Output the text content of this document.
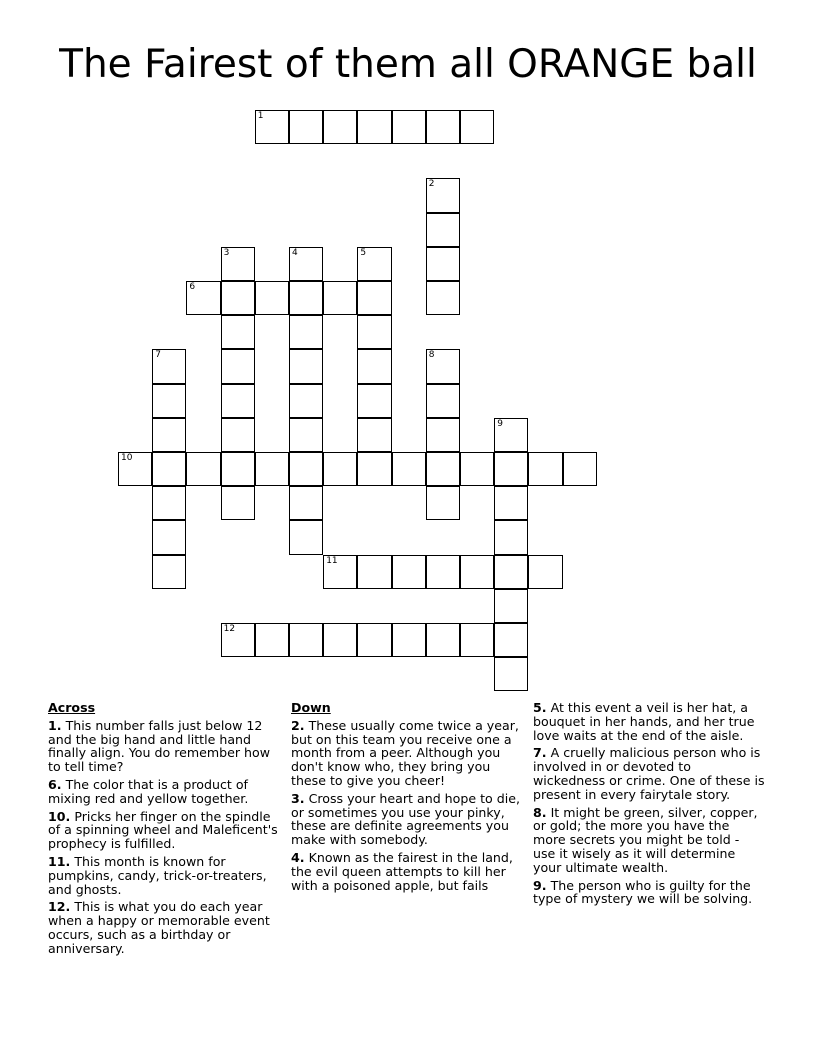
The Fairest of them all ORANGE ball
1
2
3	4	5
6
7	8
9
10
11
12
Across
1. This number falls just below 12 and the big hand and little hand finally align. You do remember how to tell time?
6. The color that is a product of mixing red and yellow together.
10. Pricks her finger on the spindle of a spinning wheel and Maleficent's prophecy is fulfilled.
11. This month is known for pumpkins, candy, trick-or-treaters, and ghosts.
12. This is what you do each year when a happy or memorable event occurs, such as a birthday or anniversary.
Down
2. These usually come twice a year, but on this team you receive one a month from a peer. Although you don't know who, they bring you these to give you cheer!
3. Cross your heart and hope to die, or sometimes you use your pinky, these are definite agreements you make with somebody.
4. Known as the fairest in the land, the evil queen attempts to kill her with a poisoned apple, but fails
5. At this event a veil is her hat, a bouquet in her hands, and her true love waits at the end of the aisle.
7. A cruelly malicious person who is involved in or devoted to wickedness or crime. One of these is present in every fairytale story.
8. It might be green, silver, copper, or gold; the more you have the more secrets you might be told - use it wisely as it will determine your ultimate wealth.
9. The person who is guilty for the type of mystery we will be solving.
